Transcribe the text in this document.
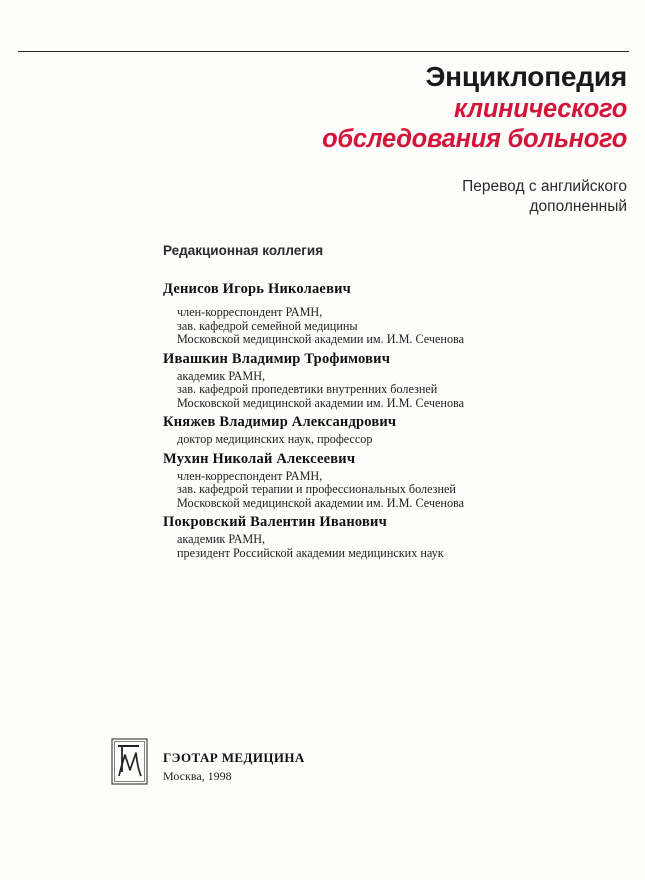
Энциклопедия
клинического
обследования больного
Перевод с английского
дополненный
Редакционная коллегия
Денисов Игорь Николаевич
член-корреспондент РАМН,
зав. кафедрой семейной медицины
Московской медицинской академии им. И.М. Сеченова
Ивашкин Владимир Трофимович
академик РАМН,
зав. кафедрой пропедевтики внутренних болезней
Московской медицинской академии им. И.М. Сеченова
Княжев Владимир Александрович
доктор медицинских наук, профессор
Мухин Николай Алексеевич
член-корреспондент РАМН,
зав. кафедрой терапии и профессиональных болезней
Московской медицинской академии им. И.М. Сеченова
Покровский Валентин Иванович
академик РАМН,
президент Российской академии медицинских наук
ГЭОТАР МЕДИЦИНА
Москва, 1998
